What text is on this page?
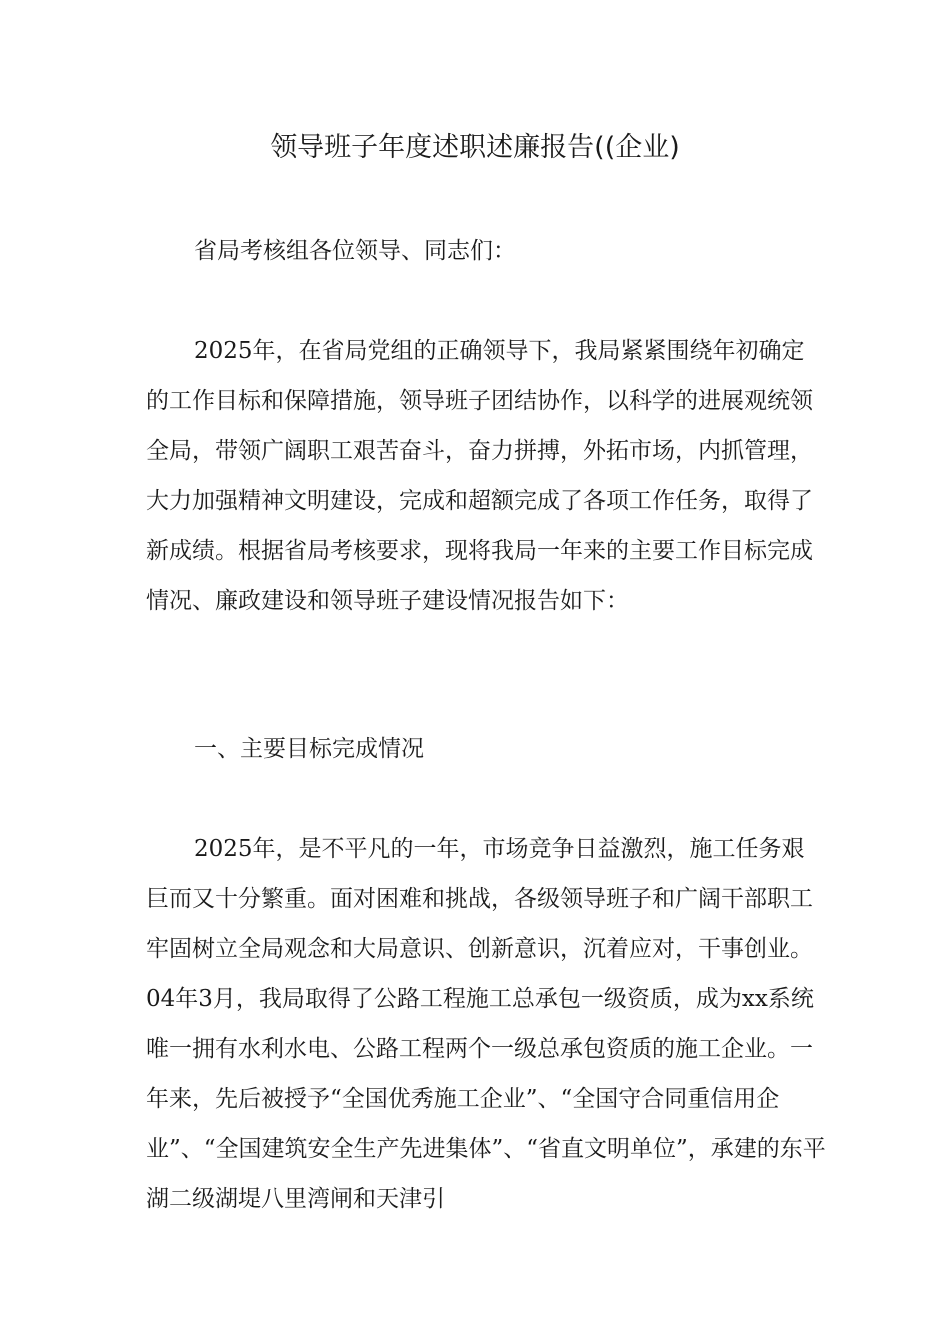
领导班子年度述职述廉报告((企业)

省局考核组各位领导、同志们：

2025年，在省局党组的正确领导下，我局紧紧围绕年初确定的工作目标和保障措施，领导班子团结协作，以科学的进展观统领全局，带领广阔职工艰苦奋斗，奋力拼搏，外拓市场，内抓管理，大力加强精神文明建设，完成和超额完成了各项工作任务，取得了新成绩。根据省局考核要求，现将我局一年来的主要工作目标完成情况、廉政建设和领导班子建设情况报告如下：

一、主要目标完成情况

2025年，是不平凡的一年，市场竞争日益激烈，施工任务艰巨而又十分繁重。面对困难和挑战，各级领导班子和广阔干部职工牢固树立全局观念和大局意识、创新意识，沉着应对，干事创业。04年3月，我局取得了公路工程施工总承包一级资质，成为xx系统唯一拥有水利水电、公路工程两个一级总承包资质的施工企业。一年来，先后被授予“全国优秀施工企业”、“全国守合同重信用企业”、“全国建筑安全生产先进集体”、“省直文明单位”，承建的东平湖二级湖堤八里湾闸和天津引
